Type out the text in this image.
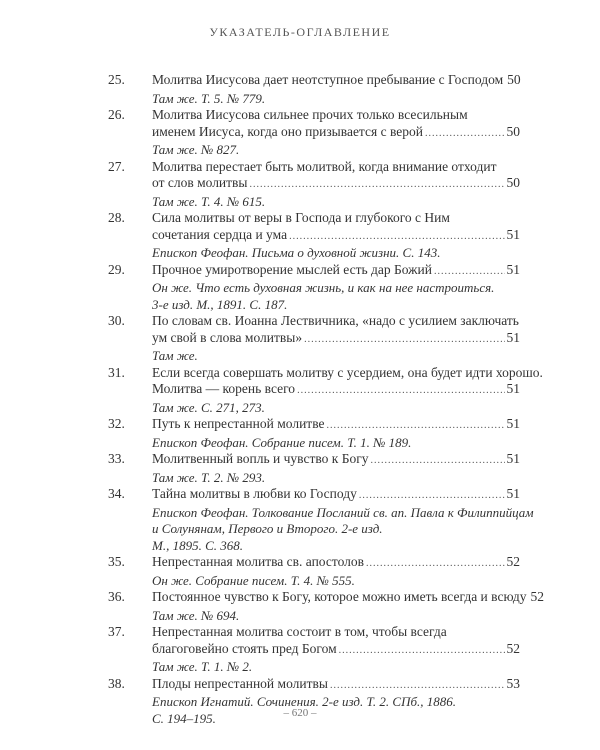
УКАЗАТЕЛЬ-ОГЛАВЛЕНИЕ
25. Молитва Иисусова дает неотступное пребывание с Господом 50
Там же. Т. 5. № 779.
26. Молитва Иисусова сильнее прочих только всесильным
именем Иисуса, когда оно призывается с верой .....	50
Там же. № 827.
27. Молитва перестает быть молитвой, когда внимание отходит
от слов молитвы .....	50
Там же. Т. 4. № 615.
28. Сила молитвы от веры в Господа и глубокого с Ним
сочетания сердца и ума .....	51
Епископ Феофан. Письма о духовной жизни. С. 143.
29. Прочное умиротворение мыслей есть дар Божий .....	51
Он же. Что есть духовная жизнь, и как на нее настроиться.
3-е изд. М., 1891. С. 187.
30. По словам св. Иоанна Лествичника, «надо с усилием заключать
ум свой в слова молитвы» .....	51
Там же.
31. Если всегда совершать молитву с усердием, она будет идти хорошо.
Молитва — корень всего .....	51
Там же. С. 271, 273.
32. Путь к непрестанной молитве .....	51
Епископ Феофан. Собрание писем. Т. 1. № 189.
33. Молитвенный вопль и чувство к Богу .....	51
Там же. Т. 2. № 293.
34. Тайна молитвы в любви ко Господу .....	51
Епископ Феофан. Толкование Посланий св. ап. Павла к Филиппийцам
и Солунянам, Первого и Второго. 2-е изд.
М., 1895. С. 368.
35. Непрестанная молитва св. апостолов .....	52
Он же. Собрание писем. Т. 4. № 555.
36. Постоянное чувство к Богу, которое можно иметь всегда и всюду 52
Там же. № 694.
37. Непрестанная молитва состоит в том, чтобы всегда
благоговейно стоять пред Богом .....	52
Там же. Т. 1. № 2.
38. Плоды непрестанной молитвы .....	53
Епископ Игнатий. Сочинения. 2-е изд. Т. 2. СПб., 1886.
С. 194–195.	– 620 –
